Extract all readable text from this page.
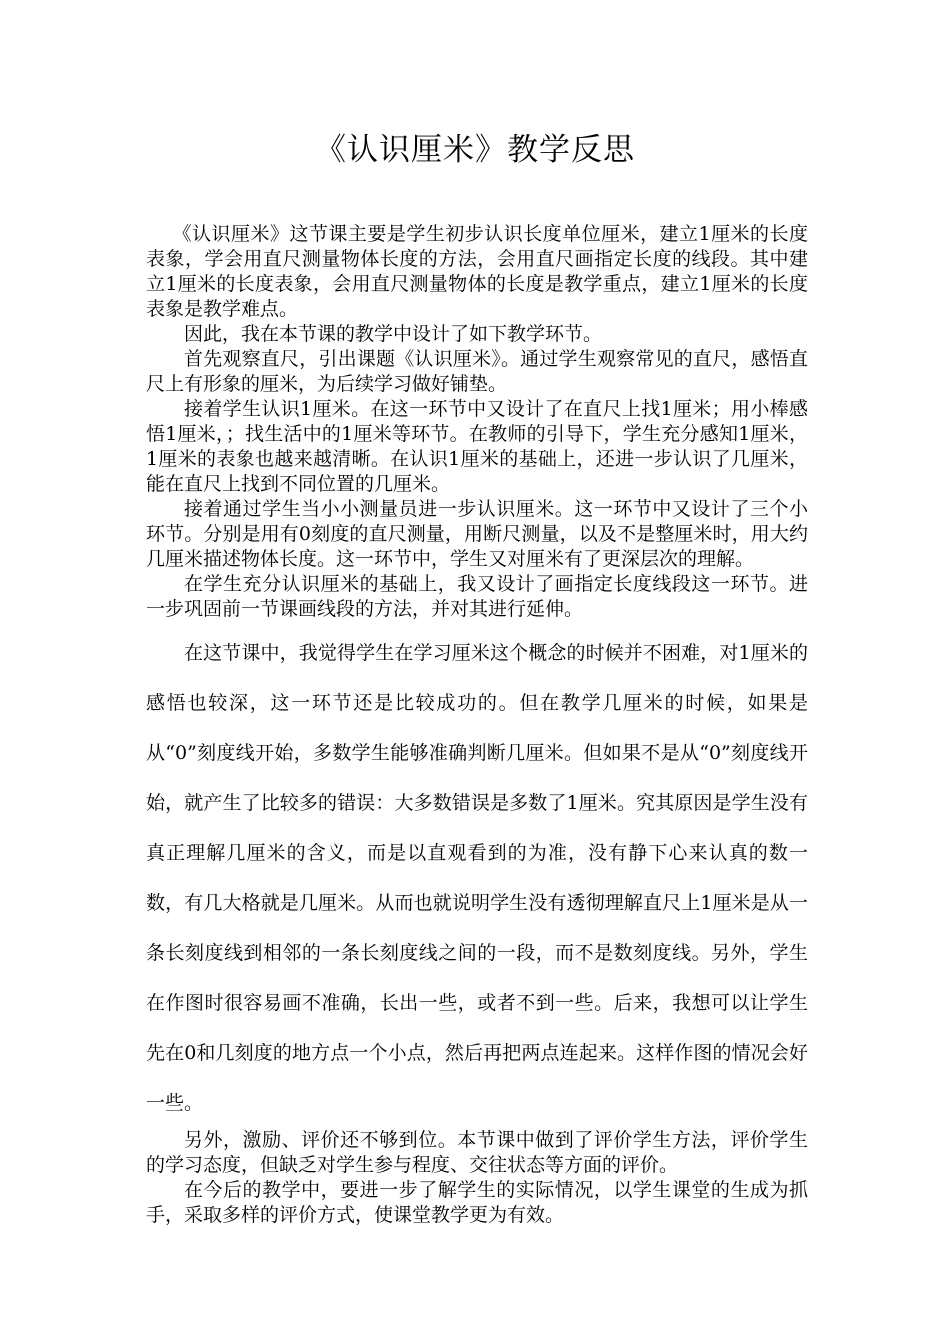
《认识厘米》教学反思

《认识厘米》这节课主要是学生初步认识长度单位厘米，建立1厘米的长度表象，学会用直尺测量物体长度的方法，会用直尺画指定长度的线段。其中建立1厘米的长度表象，会用直尺测量物体的长度是教学重点，建立1厘米的长度表象是教学难点。

因此，我在本节课的教学中设计了如下教学环节。

首先观察直尺，引出课题《认识厘米》。通过学生观察常见的直尺，感悟直尺上有形象的厘米，为后续学习做好铺垫。

接着学生认识1厘米。在这一环节中又设计了在直尺上找1厘米；用小棒感悟1厘米，；找生活中的1厘米等环节。在教师的引导下，学生充分感知1厘米，1厘米的表象也越来越清晰。在认识1厘米的基础上，还进一步认识了几厘米，能在直尺上找到不同位置的几厘米。

接着通过学生当小小测量员进一步认识厘米。这一环节中又设计了三个小环节。分别是用有0刻度的直尺测量，用断尺测量，以及不是整厘米时，用大约几厘米描述物体长度。这一环节中，学生又对厘米有了更深层次的理解。

在学生充分认识厘米的基础上，我又设计了画指定长度线段这一环节。进一步巩固前一节课画线段的方法，并对其进行延伸。

在这节课中，我觉得学生在学习厘米这个概念的时候并不困难，对1厘米的感悟也较深，这一环节还是比较成功的。但在教学几厘米的时候，如果是从“0”刻度线开始，多数学生能够准确判断几厘米。但如果不是从“0”刻度线开始，就产生了比较多的错误：大多数错误是多数了1厘米。究其原因是学生没有真正理解几厘米的含义，而是以直观看到的为准，没有静下心来认真的数一数，有几大格就是几厘米。从而也就说明学生没有透彻理解直尺上1厘米是从一条长刻度线到相邻的一条长刻度线之间的一段，而不是数刻度线。另外，学生在作图时很容易画不准确，长出一些，或者不到一些。后来，我想可以让学生先在0和几刻度的地方点一个小点，然后再把两点连起来。这样作图的情况会好一些。

另外，激励、评价还不够到位。本节课中做到了评价学生方法，评价学生的学习态度，但缺乏对学生参与程度、交往状态等方面的评价。

在今后的教学中，要进一步了解学生的实际情况，以学生课堂的生成为抓手，采取多样的评价方式，使课堂教学更为有效。
